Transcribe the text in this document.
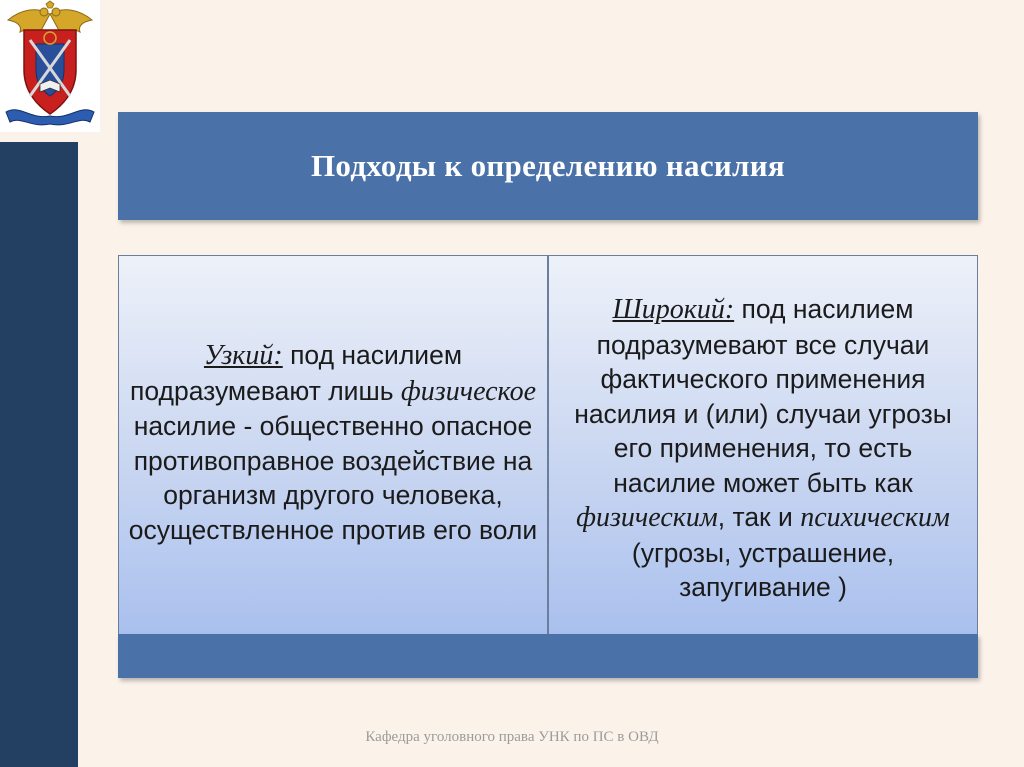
Подходы к определению насилия

Узкий: под насилием подразумевают лишь физическое насилие - общественно опасное противоправное воздействие на организм другого человека, осуществленное против его воли

Широкий: под насилием подразумевают все случаи фактического применения насилия и (или) случаи угрозы его применения, то есть насилие может быть как физическим, так и психическим (угрозы, устрашение, запугивание )

Кафедра уголовного права УНК по ПС в ОВД
